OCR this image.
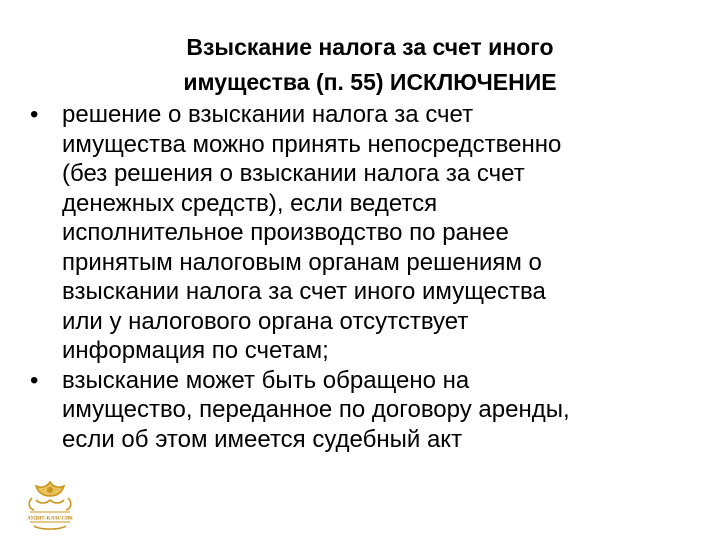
Взыскание налога за счет иного
имущества (п. 55) ИСКЛЮЧЕНИЕ
• решение о взыскании налога за счет
имущества можно принять непосредственно
(без решения о взыскании налога за счет
денежных средств), если ведется
исполнительное производство по ранее
принятым налоговым органам решениям о
взыскании налога за счет иного имущества
или у налогового органа отсутствует
информация по счетам;
• взыскание может быть обращено на
имущество, переданное по договору аренды,
если об этом имеется судебный акт
АУДИТ-КЛАССИК
